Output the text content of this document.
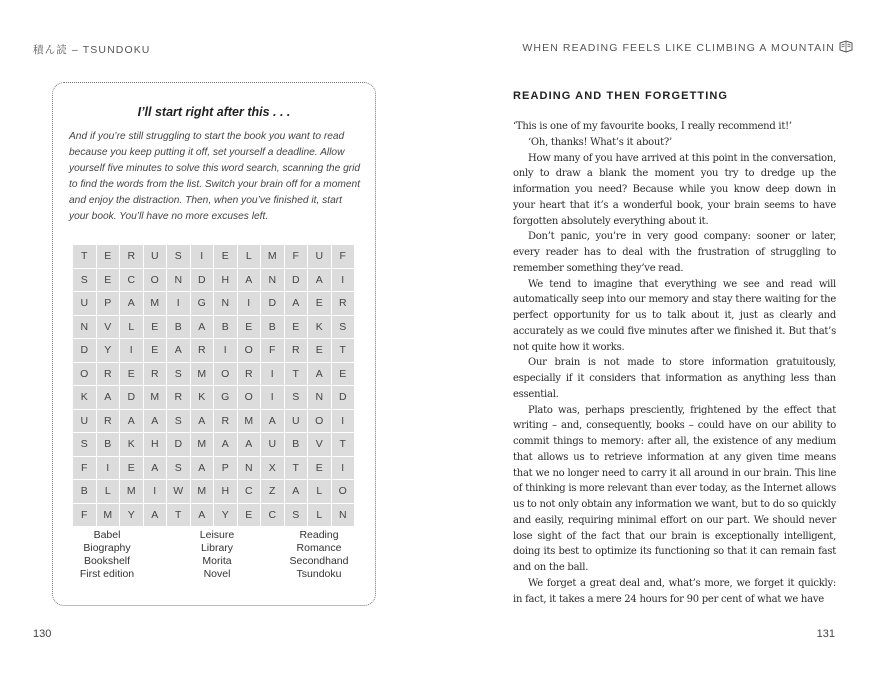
積ん読 – TSUNDOKU	WHEN READING FEELS LIKE CLIMBING A MOUNTAIN
I’ll start right after this . . .
And if you’re still struggling to start the book you want to read because you keep putting it off, set yourself a deadline. Allow yourself five minutes to solve this word search, scanning the grid to find the words from the list. Switch your brain off for a moment and enjoy the distraction. Then, when you’ve finished it, start your book. You’ll have no more excuses left.
T	E	R	U	S	I	E	L	M	F	U	F
S	E	C	O	N	D	H	A	N	D	A	I
U	P	A	M	I	G	N	I	D	A	E	R
N	V	L	E	B	A	B	E	B	E	K	S
D	Y	I	E	A	R	I	O	F	R	E	T
O	R	E	R	S	M	O	R	I	T	A	E
K	A	D	M	R	K	G	O	I	S	N	D
U	R	A	A	S	A	R	M	A	U	O	I
S	B	K	H	D	M	A	A	U	B	V	T
F	I	E	A	S	A	P	N	X	T	E	I
B	L	M	I	W	M	H	C	Z	A	L	O
F	M	Y	A	T	A	Y	E	C	S	L	N
Babel
Biography
Bookshelf
First edition
Leisure
Library
Morita
Novel
Reading
Romance
Secondhand
Tsundoku
130
READING AND THEN FORGETTING

‘This is one of my favourite books, I really recommend it!’

‘Oh, thanks! What’s it about?’

How many of you have arrived at this point in the conversation, only to draw a blank the moment you try to dredge up the information you need? Because while you know deep down in your heart that it’s a wonderful book, your brain seems to have forgotten absolutely everything about it.

Don’t panic, you’re in very good company: sooner or later, every reader has to deal with the frustration of struggling to remember something they’ve read.

We tend to imagine that everything we see and read will automatically seep into our memory and stay there waiting for the perfect opportunity for us to talk about it, just as clearly and accurately as we could five minutes after we finished it. But that’s not quite how it works.

Our brain is not made to store information gratuitously, especially if it considers that information as anything less than essential.

Plato was, perhaps presciently, frightened by the effect that writing – and, consequently, books – could have on our ability to commit things to memory: after all, the existence of any medium that allows us to retrieve information at any given time means that we no longer need to carry it all around in our brain. This line of thinking is more relevant than ever today, as the Internet allows us to not only obtain any information we want, but to do so quickly and easily, requiring minimal effort on our part. We should never lose sight of the fact that our brain is exceptionally intelligent, doing its best to optimize its functioning so that it can remain fast and on the ball.

We forget a great deal and, what’s more, we forget it quickly: in fact, it takes a mere 24 hours for 90 per cent of what we have

131
